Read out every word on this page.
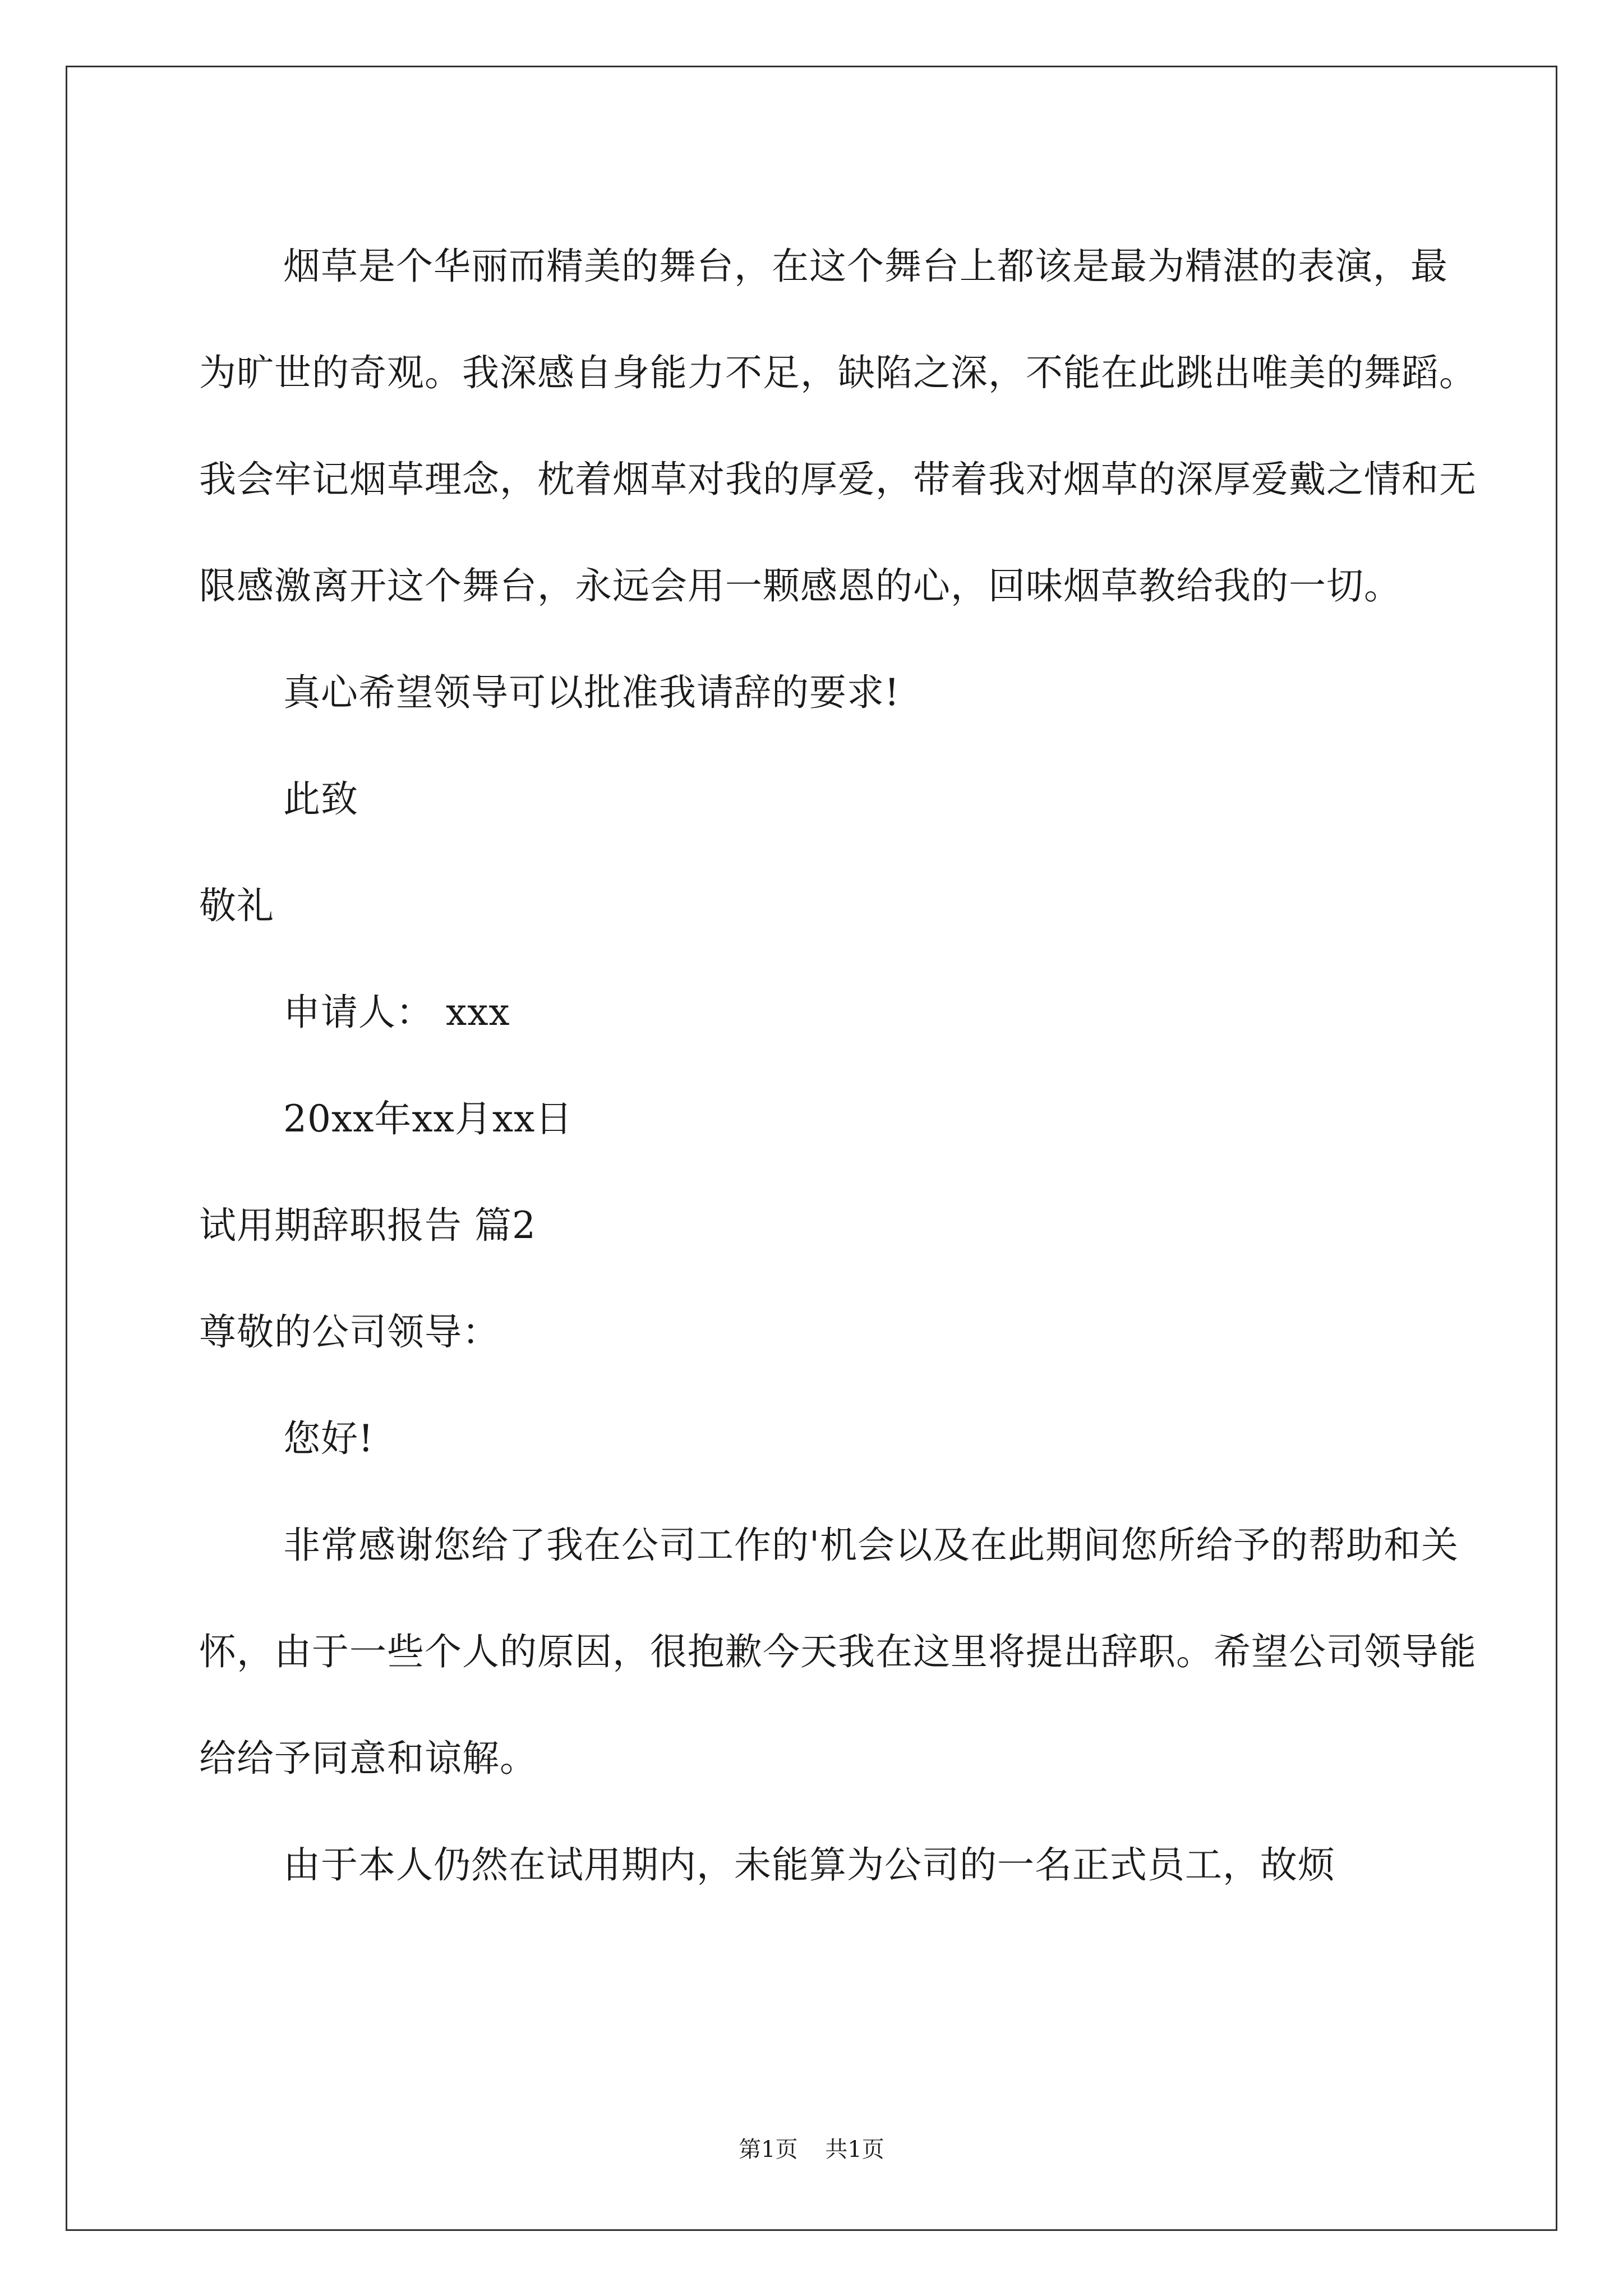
烟草是个华丽而精美的舞台，在这个舞台上都该是最为精湛的表演，最为旷世的奇观。我深感自身能力不足，缺陷之深，不能在此跳出唯美的舞蹈。我会牢记烟草理念，枕着烟草对我的厚爱，带着我对烟草的深厚爱戴之情和无限感激离开这个舞台，永远会用一颗感恩的心，回味烟草教给我的一切。

真心希望领导可以批准我请辞的要求!

此致

敬礼

申请人： xxx

20xx年xx月xx日

试用期辞职报告 篇2

尊敬的公司领导：

您好!

非常感谢您给了我在公司工作的'机会以及在此期间您所给予的帮助和关怀，由于一些个人的原因，很抱歉今天我在这里将提出辞职。希望公司领导能给给予同意和谅解。

由于本人仍然在试用期内，未能算为公司的一名正式员工，故烦

第1页 共1页
